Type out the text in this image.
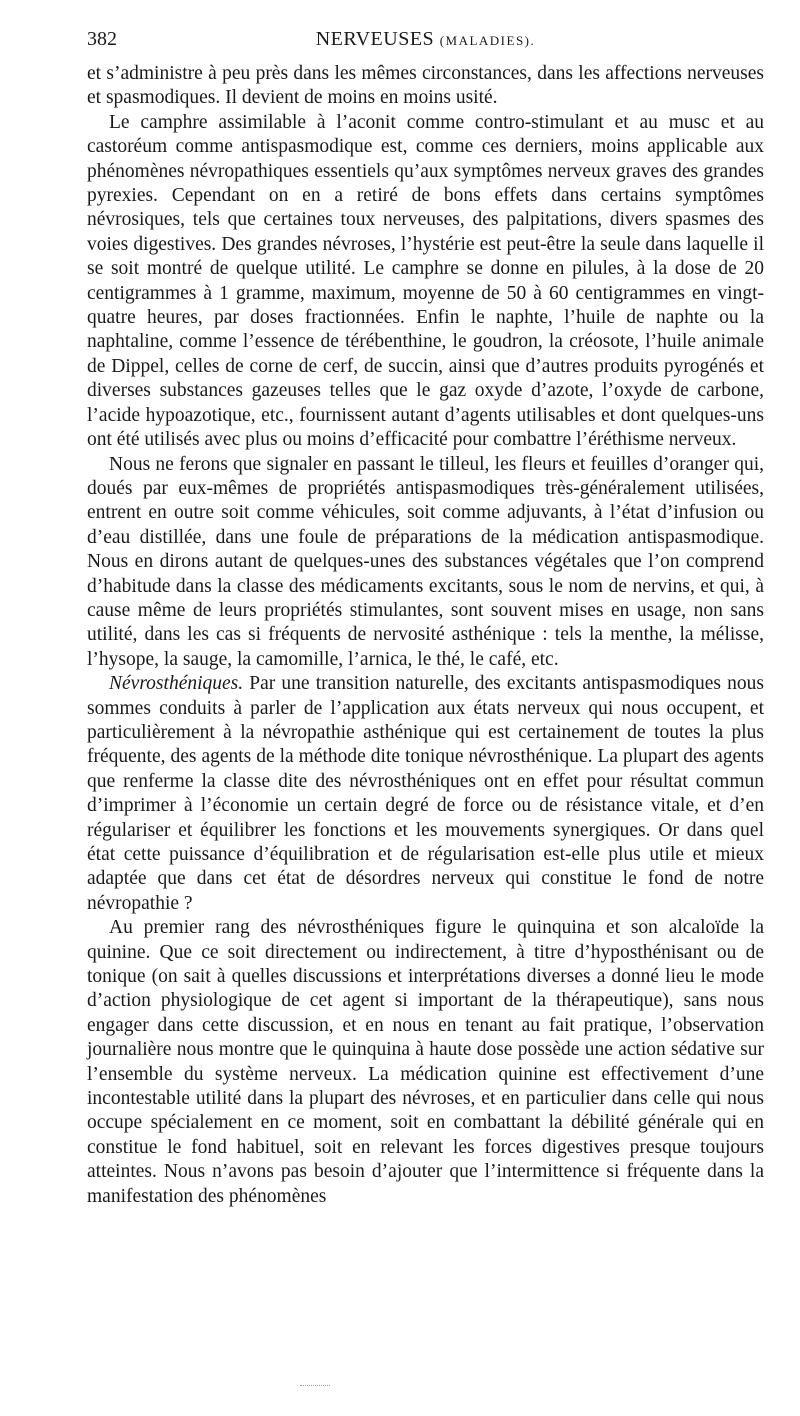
382	NERVEUSES (MALADIES).

et s’administre à peu près dans les mêmes circonstances, dans les affections nerveuses et spasmodiques. Il devient de moins en moins usité.

Le camphre assimilable à l’aconit comme contro-stimulant et au musc et au castoréum comme antispasmodique est, comme ces derniers, moins applicable aux phénomènes névropathiques essentiels qu’aux symptômes nerveux graves des grandes pyrexies. Cependant on en a retiré de bons effets dans certains symptômes névrosiques, tels que certaines toux nerveuses, des palpitations, divers spasmes des voies digestives. Des grandes névroses, l’hystérie est peut-être la seule dans laquelle il se soit montré de quelque utilité. Le camphre se donne en pilules, à la dose de 20 centigrammes à 1 gramme, maximum, moyenne de 50 à 60 centigrammes en vingt-quatre heures, par doses fractionnées. Enfin le naphte, l’huile de naphte ou la naphtaline, comme l’essence de térébenthine, le goudron, la créosote, l’huile animale de Dippel, celles de corne de cerf, de succin, ainsi que d’autres produits pyrogénés et diverses substances gazeuses telles que le gaz oxyde d’azote, l’oxyde de carbone, l’acide hypoazotique, etc., fournissent autant d’agents utilisables et dont quelques-uns ont été utilisés avec plus ou moins d’efficacité pour combattre l’éréthisme nerveux.

Nous ne ferons que signaler en passant le tilleul, les fleurs et feuilles d’oranger qui, doués par eux-mêmes de propriétés antispasmodiques très-généralement utilisées, entrent en outre soit comme véhicules, soit comme adjuvants, à l’état d’infusion ou d’eau distillée, dans une foule de préparations de la médication antispasmodique. Nous en dirons autant de quelques-unes des substances végétales que l’on comprend d’habitude dans la classe des médicaments excitants, sous le nom de nervins, et qui, à cause même de leurs propriétés stimulantes, sont souvent mises en usage, non sans utilité, dans les cas si fréquents de nervosité asthénique : tels la menthe, la mélisse, l’hysope, la sauge, la camomille, l’arnica, le thé, le café, etc.

Névrosthéniques. Par une transition naturelle, des excitants antispasmodiques nous sommes conduits à parler de l’application aux états nerveux qui nous occupent, et particulièrement à la névropathie asthénique qui est certainement de toutes la plus fréquente, des agents de la méthode dite tonique névrosthénique. La plupart des agents que renferme la classe dite des névrosthéniques ont en effet pour résultat commun d’imprimer à l’économie un certain degré de force ou de résistance vitale, et d’en régulariser et équilibrer les fonctions et les mouvements synergiques. Or dans quel état cette puissance d’équilibration et de régularisation est-elle plus utile et mieux adaptée que dans cet état de désordres nerveux qui constitue le fond de notre névropathie ?

Au premier rang des névrosthéniques figure le quinquina et son alcaloïde la quinine. Que ce soit directement ou indirectement, à titre d’hyposthénisant ou de tonique (on sait à quelles discussions et interprétations diverses a donné lieu le mode d’action physiologique de cet agent si important de la thérapeutique), sans nous engager dans cette discussion, et en nous en tenant au fait pratique, l’observation journalière nous montre que le quinquina à haute dose possède une action sédative sur l’ensemble du système nerveux. La médication quinine est effectivement d’une incontestable utilité dans la plupart des névroses, et en particulier dans celle qui nous occupe spécialement en ce moment, soit en combattant la débilité générale qui en constitue le fond habituel, soit en relevant les forces digestives presque toujours atteintes. Nous n’avons pas besoin d’ajouter que l’intermittence si fréquente dans la manifestation des phénomènes
